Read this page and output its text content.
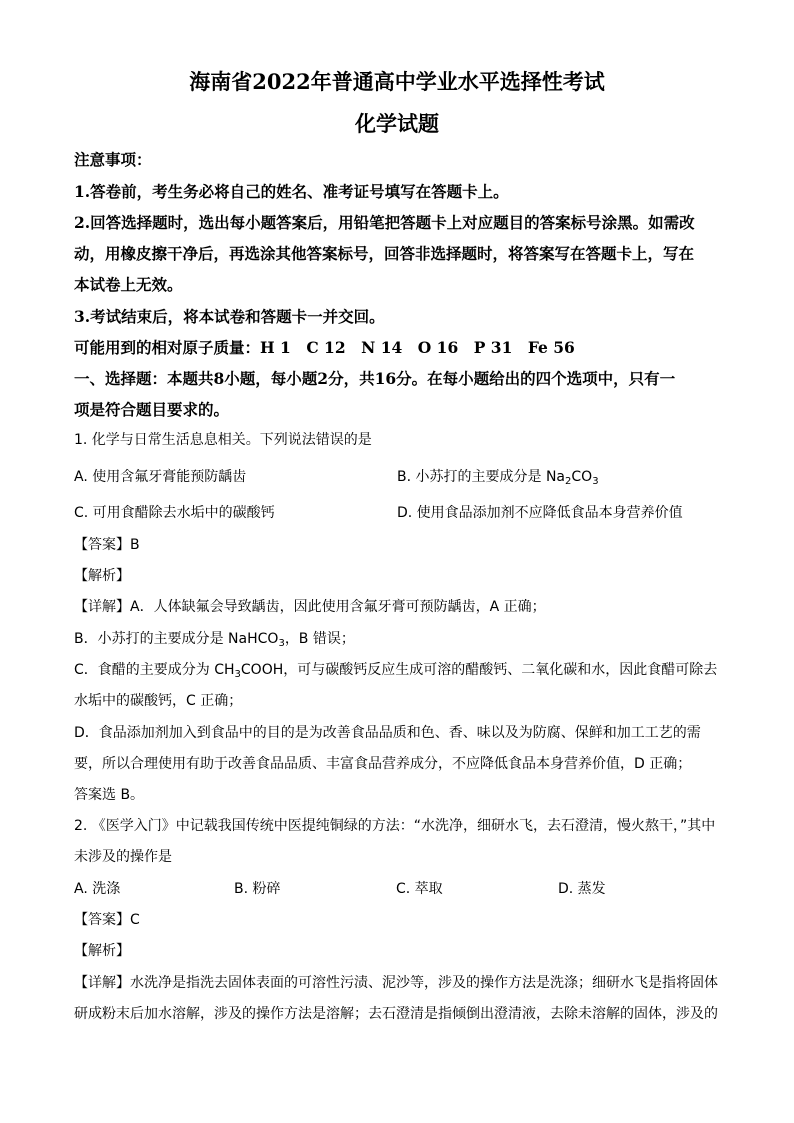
海南省2022年普通高中学业水平选择性考试
化学试题
注意事项：
1.答卷前，考生务必将自己的姓名、准考证号填写在答题卡上。
2.回答选择题时，选出每小题答案后，用铅笔把答题卡上对应题目的答案标号涂黑。如需改
动，用橡皮擦干净后，再选涂其他答案标号，回答非选择题时，将答案写在答题卡上，写在
本试卷上无效。
3.考试结束后，将本试卷和答题卡一并交回。
可能用到的相对原子质量：H 1　C 12　N 14　O 16　P 31　Fe 56
一、选择题：本题共8小题，每小题2分，共16分。在每小题给出的四个选项中，只有一
项是符合题目要求的。
1. 化学与日常生活息息相关。下列说法错误的是
A. 使用含氟牙膏能预防龋齿	B. 小苏打的主要成分是 $Na_2CO_3$
C. 可用食醋除去水垢中的碳酸钙	D. 使用食品添加剂不应降低食品本身营养价值
【答案】B
【解析】
【详解】A．人体缺氟会导致龋齿，因此使用含氟牙膏可预防龋齿，A 正确；
B．小苏打的主要成分是 NaHCO$_3$，B 错误；
C．食醋的主要成分为 $CH_3COOH$，可与碳酸钙反应生成可溶的醋酸钙、二氧化碳和水，因此食醋可除去
水垢中的碳酸钙，C 正确；
D．食品添加剂加入到食品中的目的是为改善食品品质和色、香、味以及为防腐、保鲜和加工工艺的需
要，所以合理使用有助于改善食品品质、丰富食品营养成分，不应降低食品本身营养价值，D 正确；
答案选 B。
2. 《医学入门》中记载我国传统中医提纯铜绿的方法：“水洗净，细研水飞，去石澄清，慢火熬干，”其中
未涉及的操作是
A. 洗涤	B. 粉碎	C. 萃取	D. 蒸发
【答案】C
【解析】
【详解】水洗净是指洗去固体表面的可溶性污渍、泥沙等，涉及的操作方法是洗涤；细研水飞是指将固体
研成粉末后加水溶解，涉及的操作方法是溶解；去石澄清是指倾倒出澄清液，去除未溶解的固体，涉及的
